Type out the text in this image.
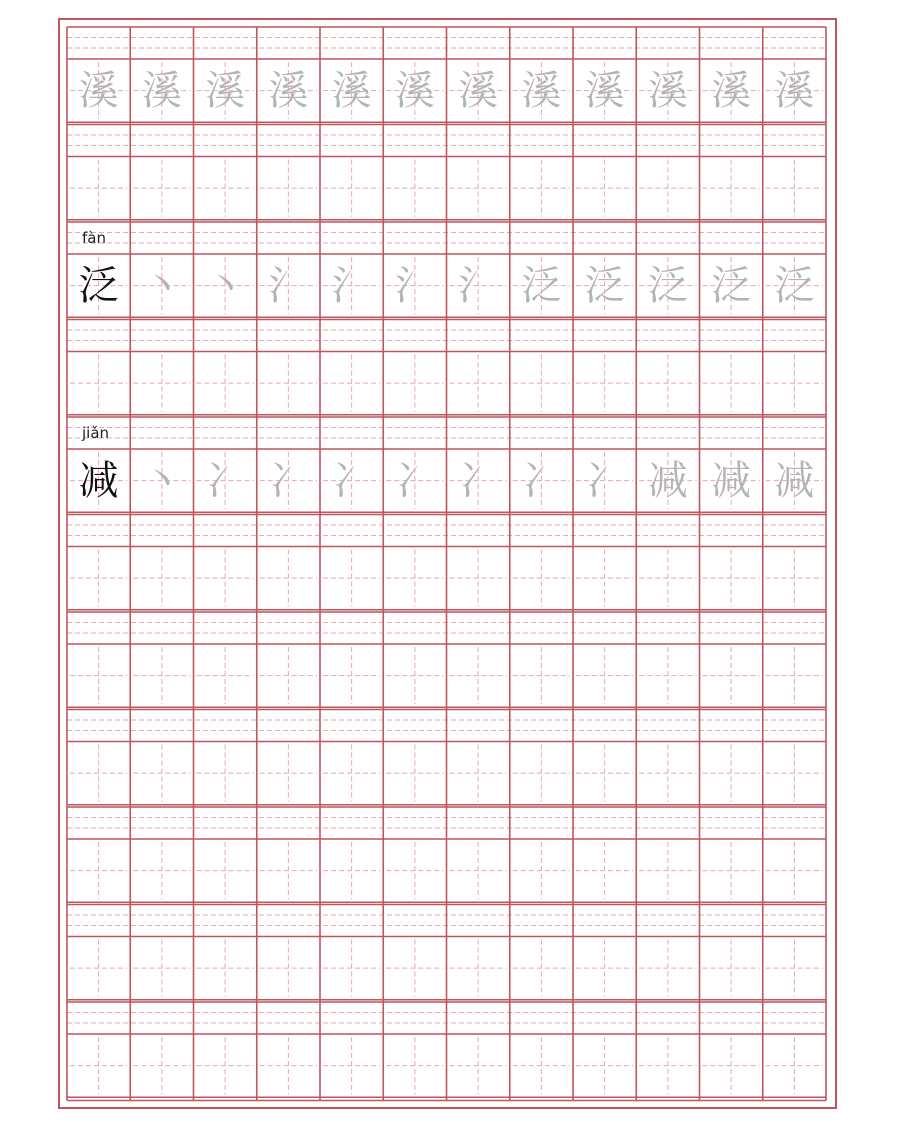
溪 溪 溪 溪 溪 溪 溪 溪 溪 溪 溪 溪
泛 丶 丶 氵 氵 氵 氵 泛 泛 泛 泛 泛
fàn
减 丶 冫 冫 冫 冫 冫 冫 冫 减 减 减
jiǎn
